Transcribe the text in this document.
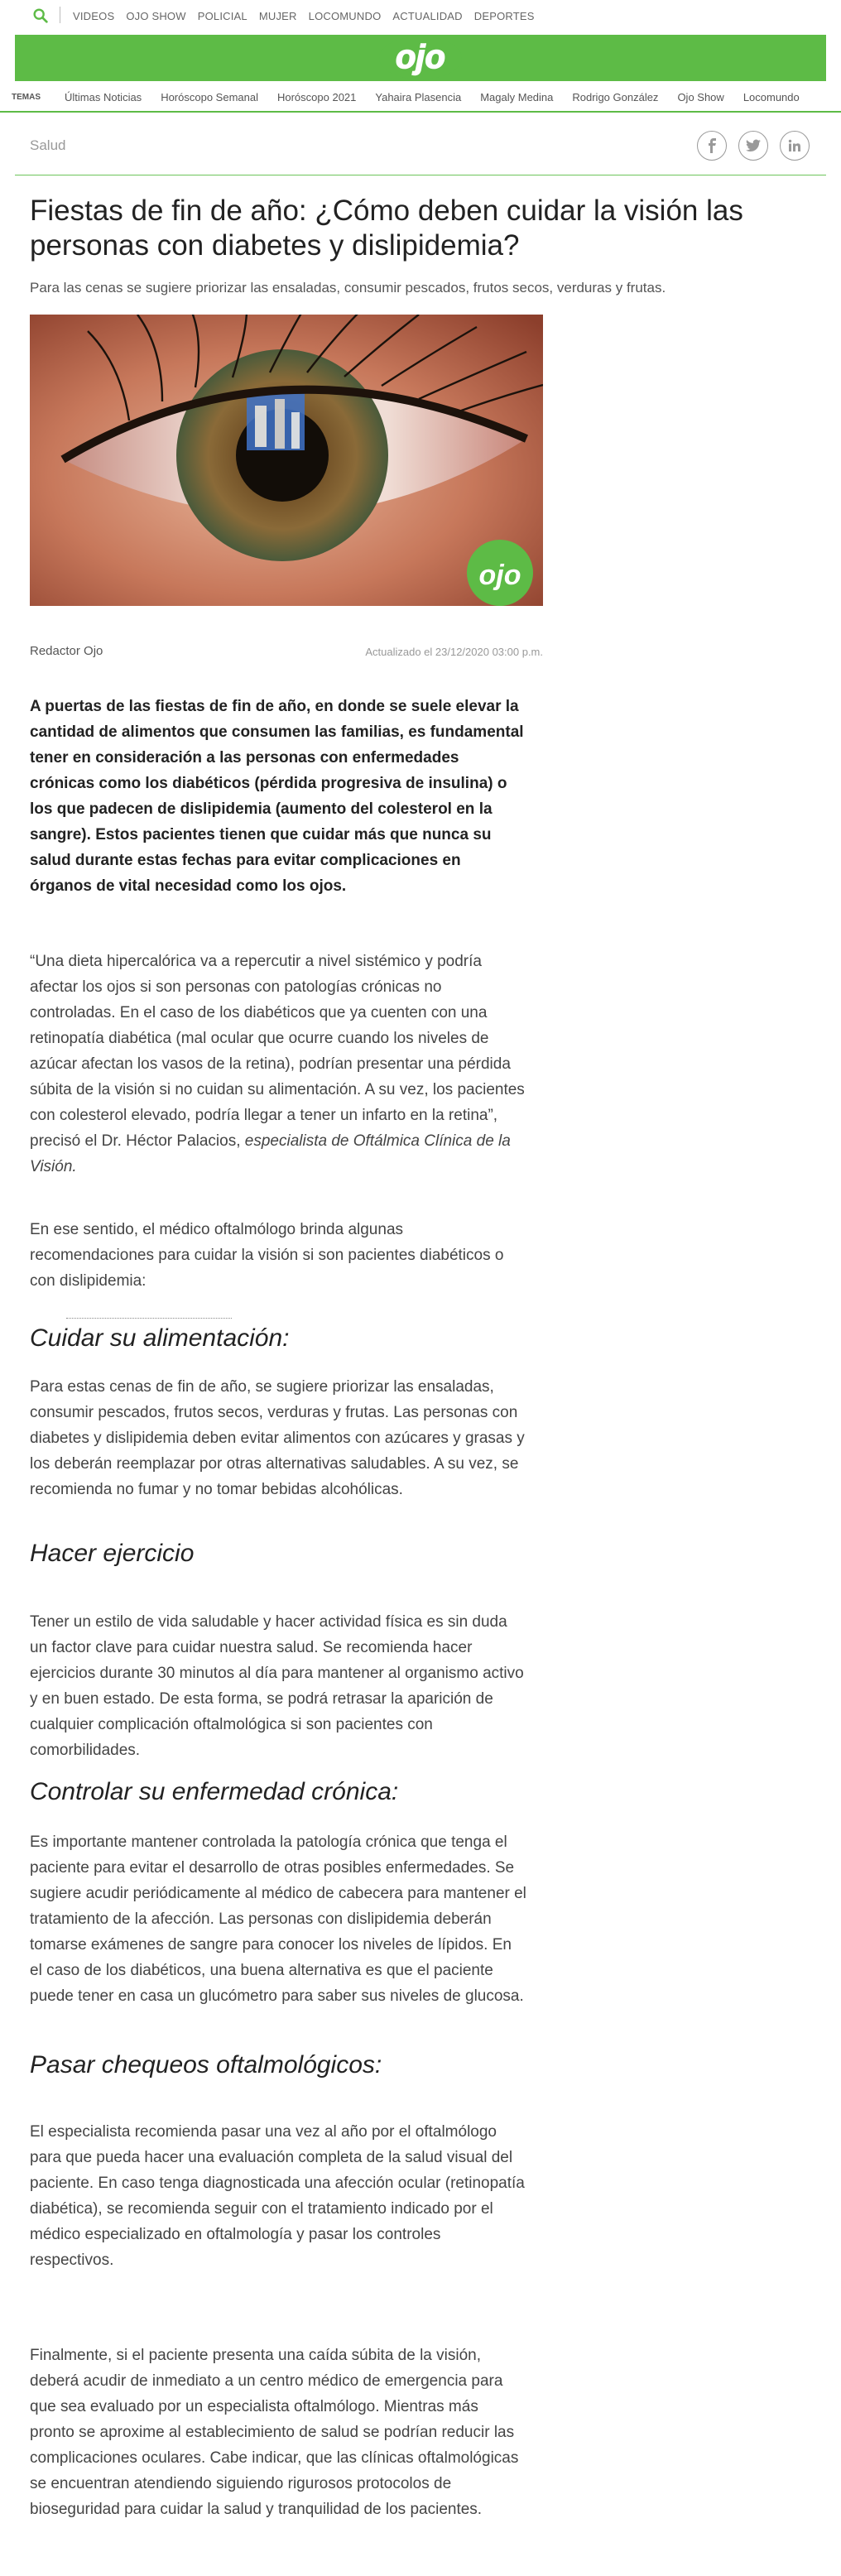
VIDEOS OJO SHOW POLICIAL MUJER LOCOMUNDO ACTUALIDAD DEPORTES
ojo
TEMAS Últimas Noticias Horóscopo Semanal Horóscopo 2021 Yahaira Plasencia Magaly Medina Rodrigo González Ojo Show Locomundo
Salud
Fiestas de fin de año: ¿Cómo deben cuidar la visión las personas con diabetes y dislipidemia?

Para las cenas se sugiere priorizar las ensaladas, consumir pescados, frutos secos, verduras y frutas.

ojo
Redactor Ojo	Actualizado el 23/12/2020 03:00 p.m.

A puertas de las fiestas de fin de año, en donde se suele elevar la cantidad de alimentos que consumen las familias, es fundamental tener en consideración a las personas con enfermedades crónicas como los diabéticos (pérdida progresiva de insulina) o los que padecen de dislipidemia (aumento del colesterol en la sangre). Estos pacientes tienen que cuidar más que nunca su salud durante estas fechas para evitar complicaciones en órganos de vital necesidad como los ojos.

“Una dieta hipercalórica va a repercutir a nivel sistémico y podría afectar los ojos si son personas con patologías crónicas no controladas. En el caso de los diabéticos que ya cuenten con una retinopatía diabética (mal ocular que ocurre cuando los niveles de azúcar afectan los vasos de la retina), podrían presentar una pérdida súbita de la visión si no cuidan su alimentación. A su vez, los pacientes con colesterol elevado, podría llegar a tener un infarto en la retina”, precisó el Dr. Héctor Palacios, especialista de Oftálmica Clínica de la Visión.

En ese sentido, el médico oftalmólogo brinda algunas recomendaciones para cuidar la visión si son pacientes diabéticos o con dislipidemia:

Cuidar su alimentación:

Para estas cenas de fin de año, se sugiere priorizar las ensaladas, consumir pescados, frutos secos, verduras y frutas. Las personas con diabetes y dislipidemia deben evitar alimentos con azúcares y grasas y los deberán reemplazar por otras alternativas saludables. A su vez, se recomienda no fumar y no tomar bebidas alcohólicas.

Hacer ejercicio

Tener un estilo de vida saludable y hacer actividad física es sin duda un factor clave para cuidar nuestra salud. Se recomienda hacer ejercicios durante 30 minutos al día para mantener al organismo activo y en buen estado. De esta forma, se podrá retrasar la aparición de cualquier complicación oftalmológica si son pacientes con comorbilidades.

Controlar su enfermedad crónica:

Es importante mantener controlada la patología crónica que tenga el paciente para evitar el desarrollo de otras posibles enfermedades. Se sugiere acudir periódicamente al médico de cabecera para mantener el tratamiento de la afección. Las personas con dislipidemia deberán tomarse exámenes de sangre para conocer los niveles de lípidos. En el caso de los diabéticos, una buena alternativa es que el paciente puede tener en casa un glucómetro para saber sus niveles de glucosa.

Pasar chequeos oftalmológicos:

El especialista recomienda pasar una vez al año por el oftalmólogo para que pueda hacer una evaluación completa de la salud visual del paciente. En caso tenga diagnosticada una afección ocular (retinopatía diabética), se recomienda seguir con el tratamiento indicado por el médico especializado en oftalmología y pasar los controles respectivos.

Finalmente, si el paciente presenta una caída súbita de la visión, deberá acudir de inmediato a un centro médico de emergencia para que sea evaluado por un especialista oftalmólogo. Mientras más pronto se aproxime al establecimiento de salud se podrían reducir las complicaciones oculares. Cabe indicar, que las clínicas oftalmológicas se encuentran atendiendo siguiendo rigurosos protocolos de bioseguridad para cuidar la salud y tranquilidad de los pacientes.
